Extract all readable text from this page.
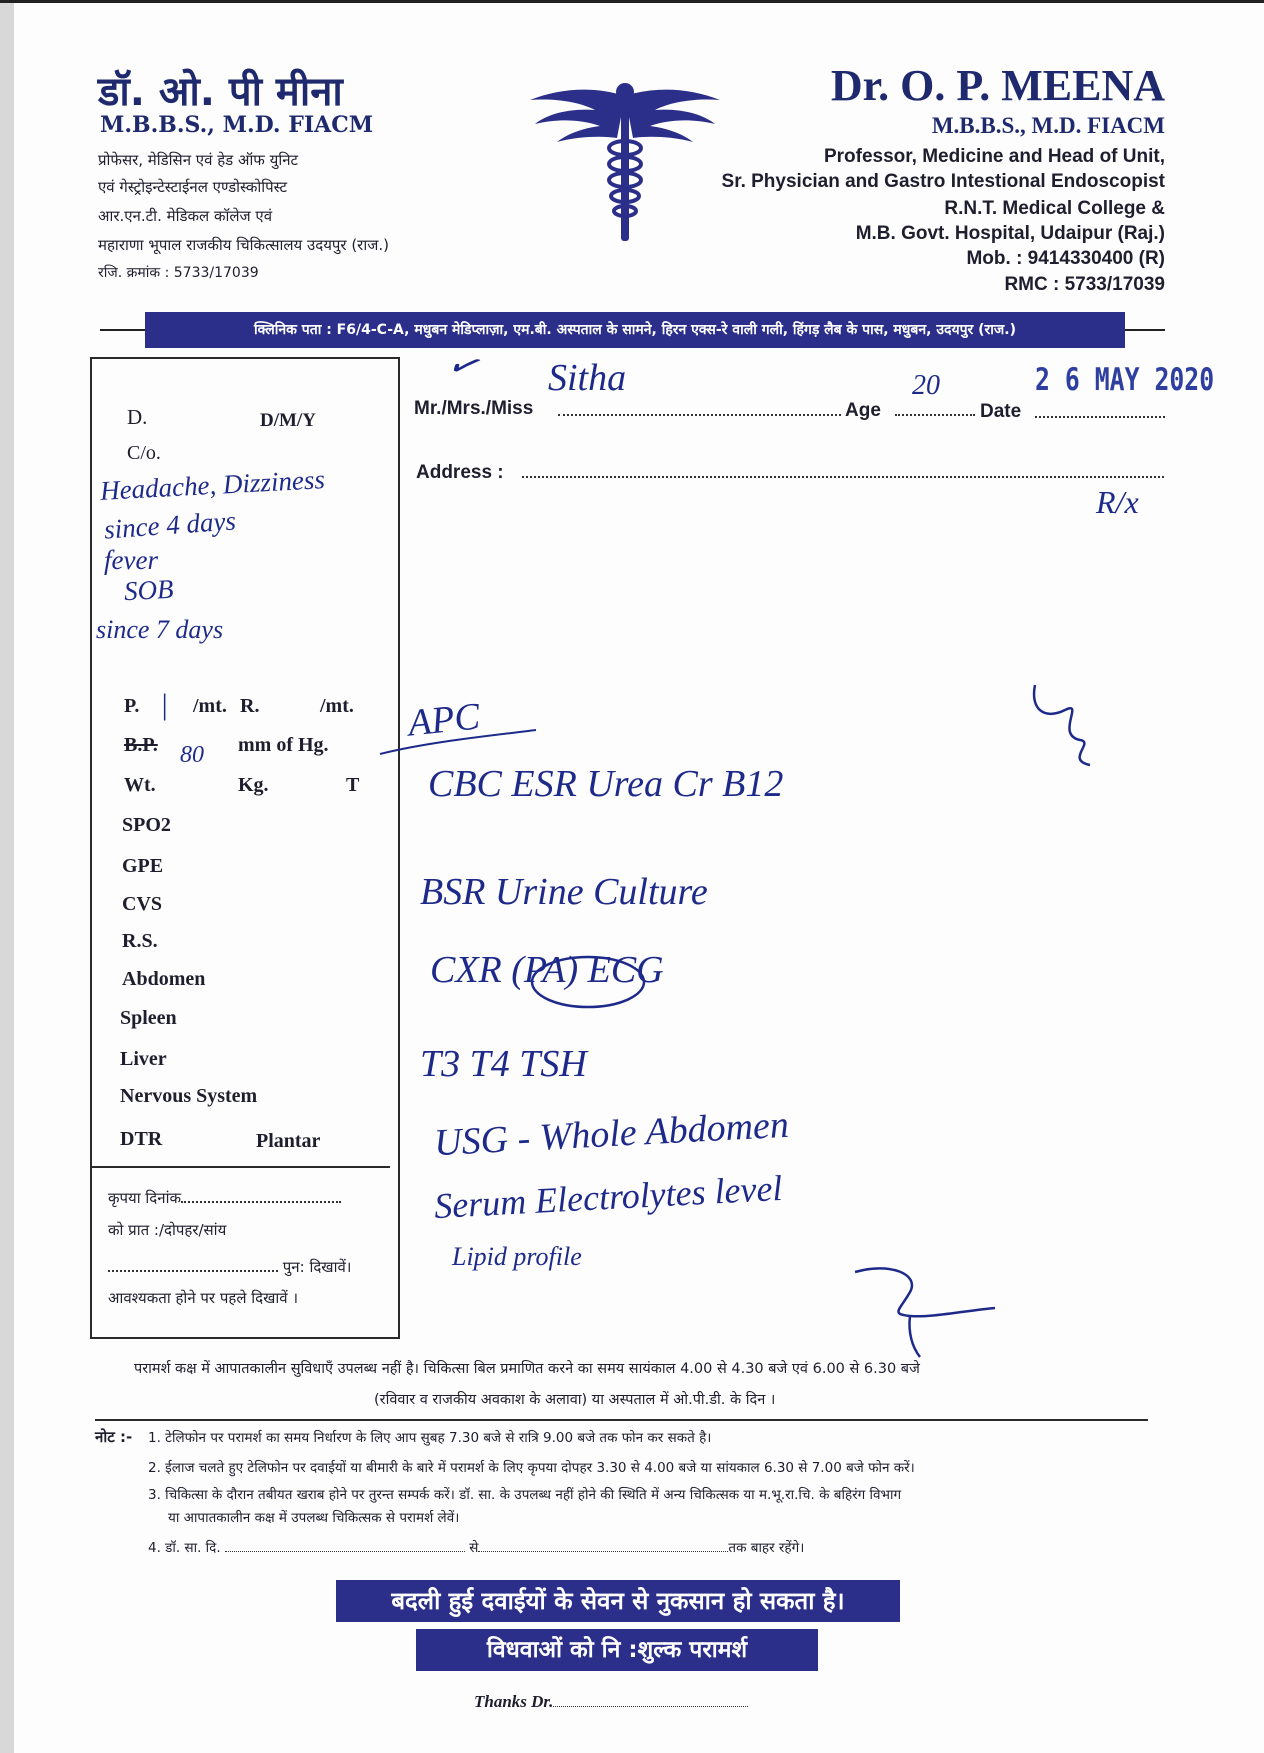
डॉ. ओ. पी मीना
M.B.B.S., M.D. FIACM
प्रोफेसर, मेडिसिन एवं हेड ऑफ युनिट
एवं गेस्ट्रोइन्टेस्टाईनल एण्डोस्कोपिस्ट
आर.एन.टी. मेडिकल कॉलेज एवं
महाराणा भूपाल राजकीय चिकित्सालय उदयपुर (राज.)
रजि. क्रमांक : 5733/17039
Dr. O. P. MEENA
M.B.B.S., M.D. FIACM
Professor, Medicine and Head of Unit,
Sr. Physician and Gastro Intestional Endoscopist
R.N.T. Medical College &
M.B. Govt. Hospital, Udaipur (Raj.)
Mob. : 9414330400 (R)
RMC : 5733/17039
क्लिनिक पता : F6/4-C-A, मधुबन मेडिप्लाज़ा, एम.बी. अस्पताल के सामने, हिरन एक्स-रे वाली गली, हिंगड़ लैब के पास, मधुबन, उदयपुर (राज.)
D.	D/M/Y
C/o.
Headache, Dizziness
since 4 days
fever
SOB
since 7 days
P. | /mt. R.	/mt.
B.P. 80 mm of Hg.
Wt.	Kg.	T
SPO2
GPE
CVS
R.S.
Abdomen
Spleen
Liver
Nervous System
DTR	Plantar
कृपया दिनांक
को प्रात :/दोपहर/सांय
पुन: दिखावें।
आवश्यकता होने पर पहले दिखावें ।
Mr./Mrs./Miss
Sitha
✓
Age
20
Date
2 6 MAY 2020
Address :
R/x
APC
CBC ESR Urea Cr B12
BSR Urine Culture
CXR (PA) ECG
T3 T4 TSH
USG - Whole Abdomen
Serum Electrolytes level
Lipid profile
परामर्श कक्ष में आपातकालीन सुविधाएँ उपलब्ध नहीं है। चिकित्सा बिल प्रमाणित करने का समय सायंकाल 4.00 से 4.30 बजे एवं 6.00 से 6.30 बजे
(रविवार व राजकीय अवकाश के अलावा) या अस्पताल में ओ.पी.डी. के दिन ।
नोट :- 1. टेलिफोन पर परामर्श का समय निर्धारण के लिए आप सुबह 7.30 बजे से रात्रि 9.00 बजे तक फोन कर सकते है।
2. ईलाज चलते हुए टेलिफोन पर दवाईयों या बीमारी के बारे में परामर्श के लिए कृपया दोपहर 3.30 से 4.00 बजे या सांयकाल 6.30 से 7.00 बजे फोन करें।
3. चिकित्सा के दौरान तबीयत खराब होने पर तुरन्त सम्पर्क करें। डॉ. सा. के उपलब्ध नहीं होने की स्थिति में अन्य चिकित्सक या म.भू.रा.चि. के बहिरंग विभाग
या आपातकालीन कक्ष में उपलब्ध चिकित्सक से परामर्श लेवें।
4. डॉ. सा. दि.	से	तक बाहर रहेंगे।
बदली हुई दवाईयों के सेवन से नुकसान हो सकता है।
विधवाओं को नि :शुल्क परामर्श
Thanks Dr.
